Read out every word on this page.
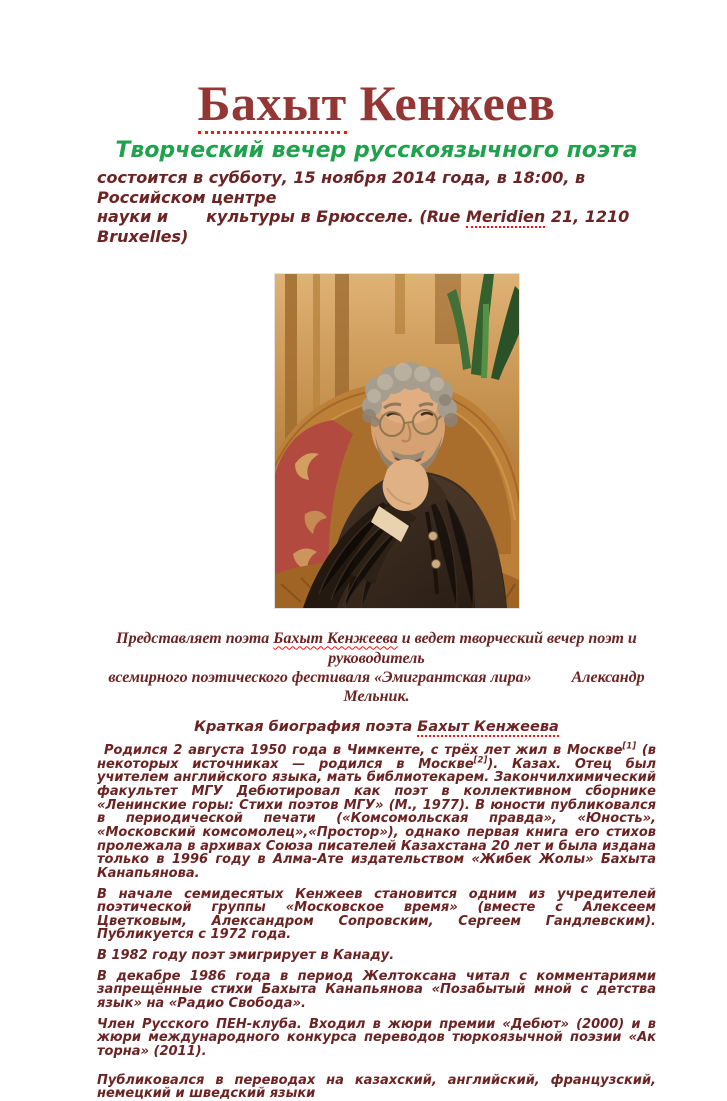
Бахыт Кенжеев
Творческий вечер русскоязычного поэта
состоится в субботу, 15 ноября 2014 года, в 18:00, в Российском центре
науки и культуры в Брюсселе. (Rue Meridien 21, 1210 Bruxelles)
Представляет поэта Бахыт Кенжеева и ведет творческий вечер поэт и руководитель
всемирного поэтического фестиваля «Эмигрантская лира»	Александр Мельник.
Краткая биография поэта Бахыт Кенжеева

Родился 2 августа 1950 года в Чимкенте, с трёх лет жил в Москве[1] (в некоторых источниках — родился в Москве[2]). Казах. Отец был учителем английского языка, мать библиотекарем. Закончилхимический факультет МГУ Дебютировал как поэт в коллективном сборнике «Ленинские горы: Стихи поэтов МГУ» (М., 1977). В юности публиковался в периодической печати («Комсомольская правда», «Юность», «Московский комсомолец»,«Простор»), однако первая книга его стихов пролежала в архивах Союза писателей Казахстана 20 лет и была издана только в 1996 году в Алма-Ате издательством «Жибек Жолы» Бахыта Канапьянова.

В начале семидесятых Кенжеев становится одним из учредителей поэтической группы «Московское время» (вместе с Алексеем Цветковым, Александром Сопровским, Сергеем Гандлевским). Публикуется с 1972 года.

В 1982 году поэт эмигрирует в Канаду.

В декабре 1986 года в период Желтоксана читал с комментариями запрещённые стихи Бахыта Канапьянова «Позабытый мной с детства язык» на «Радио Свобода».

Член Русского ПЕН-клуба. Входил в жюри премии «Дебют» (2000) и в жюри международного конкурса переводов тюркоязычной поэзии «Ак торна» (2011).

Публиковался в переводах на казахский, английский, французский, немецкий и шведский языки
